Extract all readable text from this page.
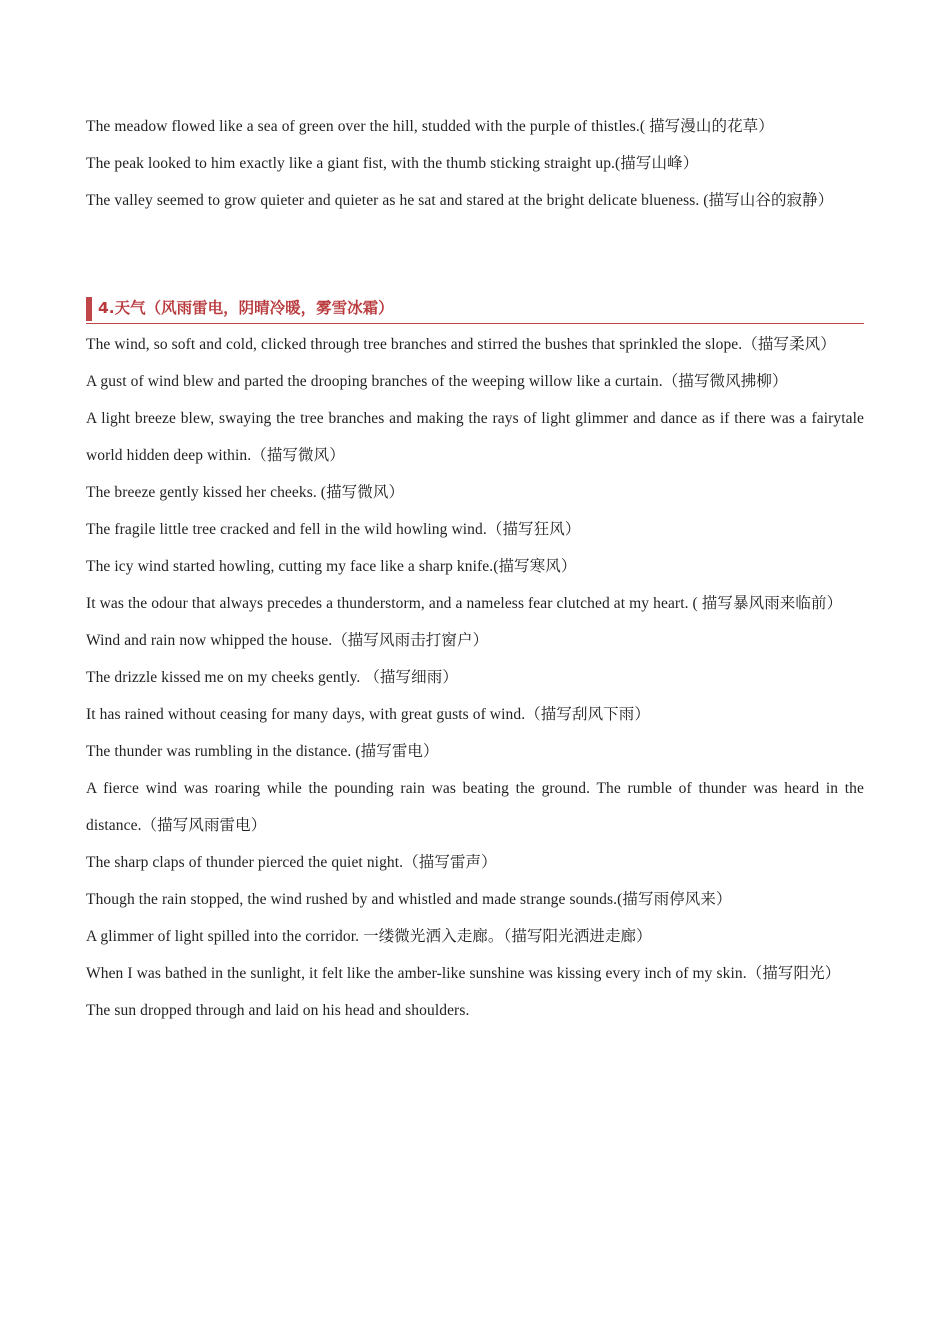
The meadow flowed like a sea of green over the hill, studded with the purple of thistles.( 描写漫山的花草）

The peak looked to him exactly like a giant fist, with the thumb sticking straight up.(描写山峰）

The valley seemed to grow quieter and quieter as he sat and stared at the bright delicate blueness. (描写山谷的寂静）

4.天气（风雨雷电，阴晴冷暖，雾雪冰霜）

The wind, so soft and cold, clicked through tree branches and stirred the bushes that sprinkled the slope.（描写柔风）

A gust of wind blew and parted the drooping branches of the weeping willow like a curtain.（描写微风拂柳）

A light breeze blew, swaying the tree branches and making the rays of light glimmer and dance as if there was a fairytale world hidden deep within.（描写微风）

The breeze gently kissed her cheeks. (描写微风）

The fragile little tree cracked and fell in the wild howling wind.（描写狂风）

The icy wind started howling, cutting my face like a sharp knife.(描写寒风）

It was the odour that always precedes a thunderstorm, and a nameless fear clutched at my heart. ( 描写暴风雨来临前）

Wind and rain now whipped the house.（描写风雨击打窗户）

The drizzle kissed me on my cheeks gently. （描写细雨）

It has rained without ceasing for many days, with great gusts of wind.（描写刮风下雨）

The thunder was rumbling in the distance. (描写雷电）

A fierce wind was roaring while the pounding rain was beating the ground. The rumble of thunder was heard in the distance.（描写风雨雷电）

The sharp claps of thunder pierced the quiet night.（描写雷声）

Though the rain stopped, the wind rushed by and whistled and made strange sounds.(描写雨停风来）

A glimmer of light spilled into the corridor. 一缕微光洒入走廊。（描写阳光洒进走廊）

When I was bathed in the sunlight, it felt like the amber-like sunshine was kissing every inch of my skin.（描写阳光）

The sun dropped through and laid on his head and shoulders.
